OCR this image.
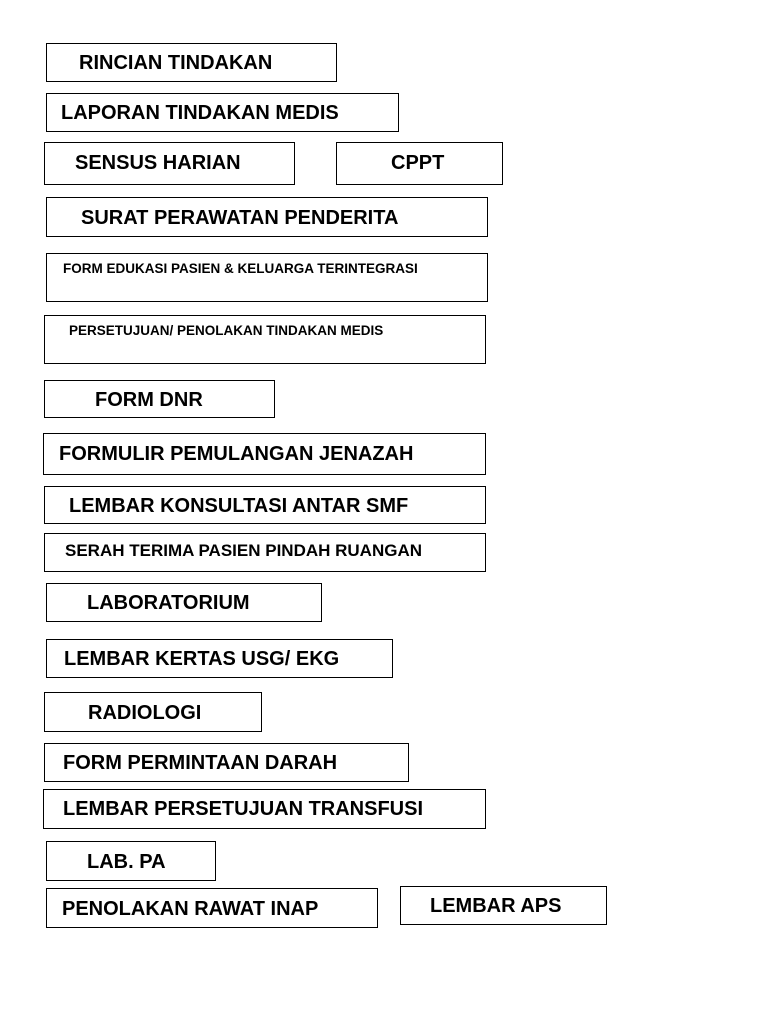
RINCIAN TINDAKAN
LAPORAN TINDAKAN MEDIS
SENSUS HARIAN	CPPT
SURAT PERAWATAN PENDERITA
FORM EDUKASI PASIEN & KELUARGA TERINTEGRASI
PERSETUJUAN/ PENOLAKAN TINDAKAN MEDIS
FORM DNR
FORMULIR PEMULANGAN JENAZAH
LEMBAR KONSULTASI ANTAR SMF
SERAH TERIMA PASIEN PINDAH RUANGAN
LABORATORIUM
LEMBAR KERTAS USG/ EKG
RADIOLOGI
FORM PERMINTAAN DARAH
LEMBAR PERSETUJUAN TRANSFUSI
LAB. PA
PENOLAKAN RAWAT INAP	LEMBAR APS
